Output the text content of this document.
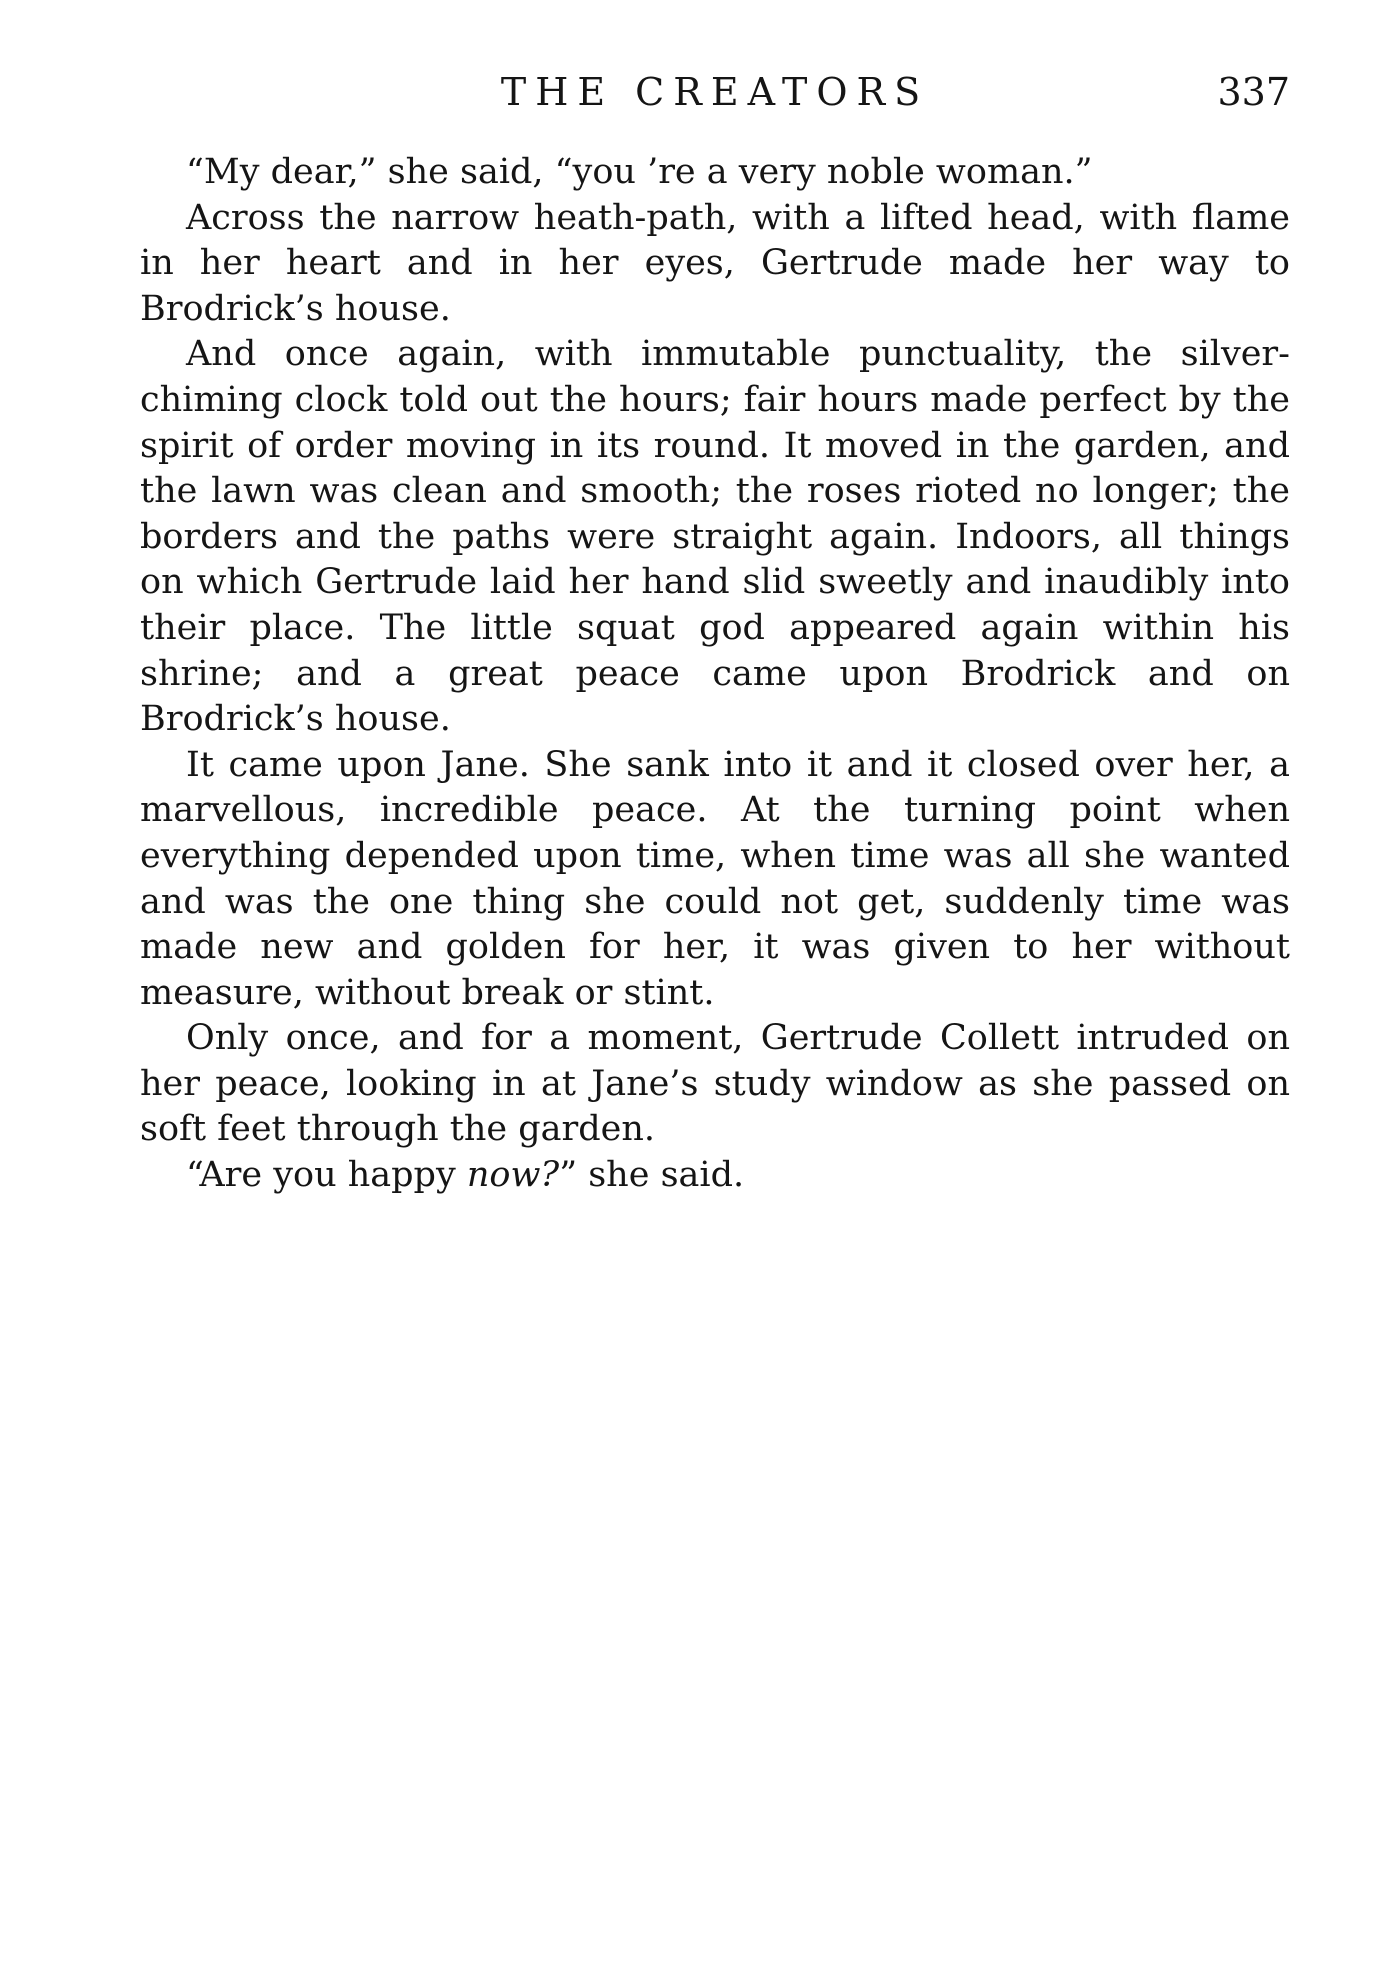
THE CREATORS	337

“My dear,” she said, “you ’re a very noble woman.”

Across the narrow heath-path, with a lifted head, with flame in her heart and in her eyes, Gertrude made her way to Brodrick’s house.

And once again, with immutable punctuality, the silver-chiming clock told out the hours; fair hours made perfect by the spirit of order moving in its round. It moved in the garden, and the lawn was clean and smooth; the roses rioted no longer; the borders and the paths were straight again. Indoors, all things on which Gertrude laid her hand slid sweetly and inaudibly into their place. The little squat god appeared again within his shrine; and a great peace came upon Brodrick and on Brodrick’s house.

It came upon Jane. She sank into it and it closed over her, a marvellous, incredible peace. At the turning point when everything depended upon time, when time was all she wanted and was the one thing she could not get, suddenly time was made new and golden for her, it was given to her without measure, without break or stint.

Only once, and for a moment, Gertrude Collett intruded on her peace, looking in at Jane’s study window as she passed on soft feet through the garden.

“Are you happy now?” she said.
